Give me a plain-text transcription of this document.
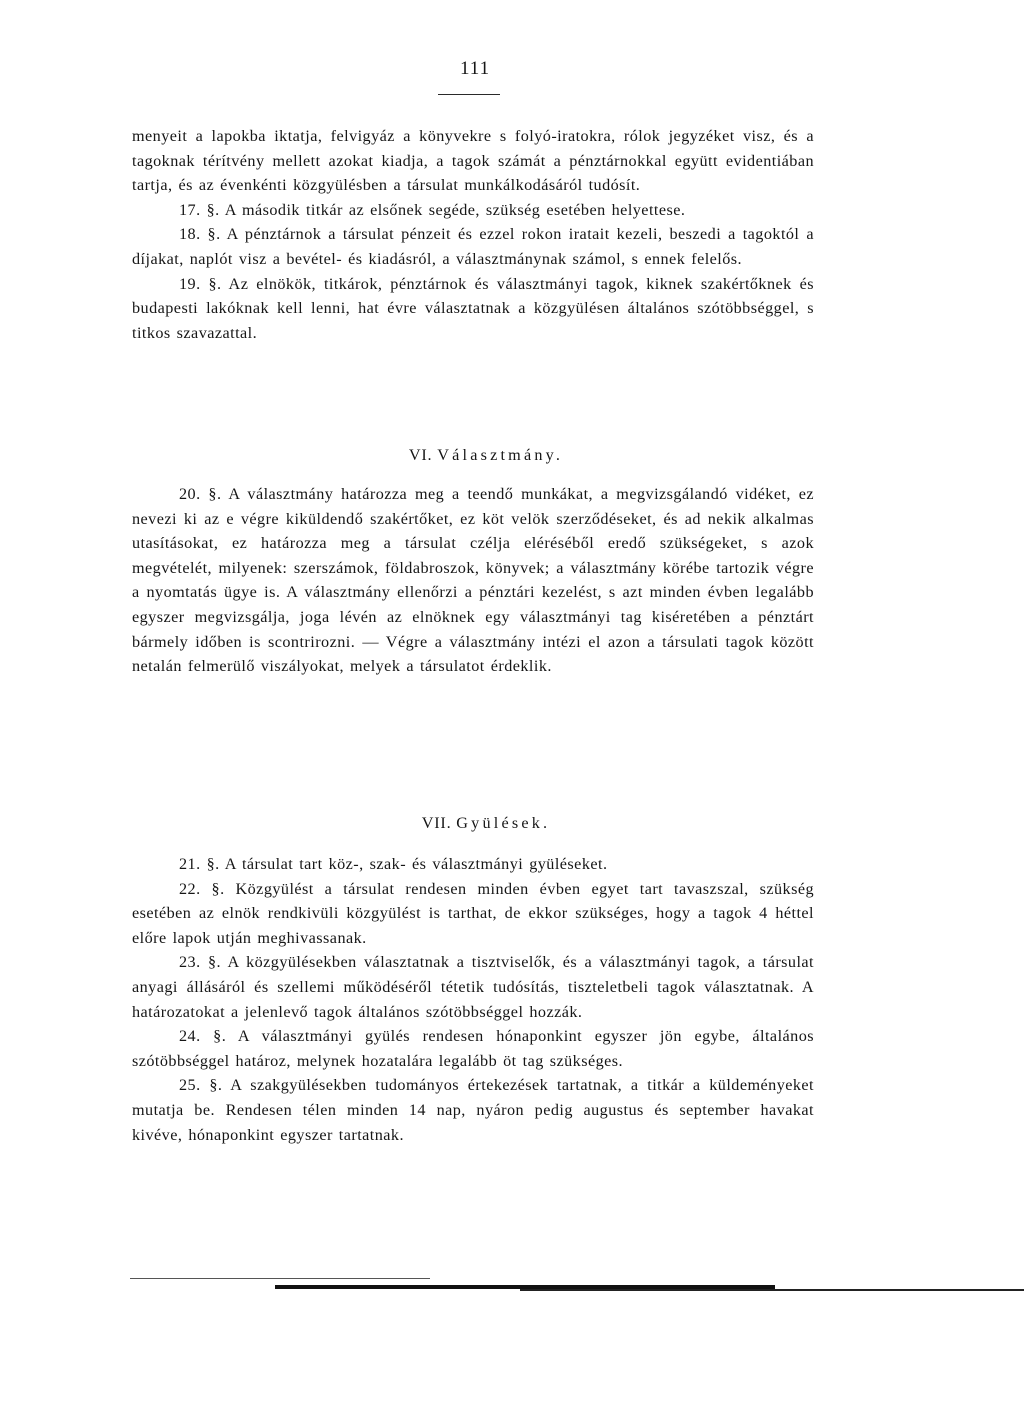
111

menyeit a lapokba iktatja, felvigyáz a könyvekre s folyó-iratokra, rólok jegyzéket visz, és a tagoknak térítvény mellett azokat kiadja, a tagok számát a pénztárnokkal együtt evidentiában tartja, és az évenkénti közgyülésben a társulat munkálkodásáról tudósít.

17. §. A második titkár az elsőnek segéde, szükség esetében helyettese.

18. §. A pénztárnok a társulat pénzeit és ezzel rokon iratait kezeli, beszedi a tagoktól a díjakat, naplót visz a bevétel- és kiadásról, a választmánynak számol, s ennek felelős.

19. §. Az elnökök, titkárok, pénztárnok és választmányi tagok, kiknek szakértőknek és budapesti lakóknak kell lenni, hat évre választatnak a közgyülésen általános szótöbbséggel, s titkos szavazattal.

VI. Választmány.

20. §. A választmány határozza meg a teendő munkákat, a megvizsgálandó vidéket, ez nevezi ki az e végre kiküldendő szakértőket, ez köt velök szerződéseket, és ad nekik alkalmas utasításokat, ez határozza meg a társulat czélja eléréséből eredő szükségeket, s azok megvételét, milyenek: szerszámok, földabroszok, könyvek; a választmány körébe tartozik végre a nyomtatás ügye is. A választmány ellenőrzi a pénztári kezelést, s azt minden évben legalább egyszer megvizsgálja, joga lévén az elnöknek egy választmányi tag kiséretében a pénztárt bármely időben is scontrirozni. — Végre a választmány intézi el azon a társulati tagok között netalán felmerülő viszályokat, melyek a társulatot érdeklik.

VII. Gyülések.

21. §. A társulat tart köz-, szak- és választmányi gyüléseket.

22. §. Közgyülést a társulat rendesen minden évben egyet tart tavaszszal, szükség esetében az elnök rendkivüli közgyülést is tarthat, de ekkor szükséges, hogy a tagok 4 héttel előre lapok utján meghivassanak.

23. §. A közgyülésekben választatnak a tisztviselők, és a választmányi tagok, a társulat anyagi állásáról és szellemi működéséről tétetik tudósítás, tiszteletbeli tagok választatnak. A határozatokat a jelenlevő tagok általános szótöbbséggel hozzák.

24. §. A választmányi gyülés rendesen hónaponkint egyszer jön egybe, általános szótöbbséggel határoz, melynek hozatalára legalább öt tag szükséges.

25. §. A szakgyülésekben tudományos értekezések tartatnak, a titkár a küldeményeket mutatja be. Rendesen télen minden 14 nap, nyáron pedig augustus és september havakat kivéve, hónaponkint egyszer tartatnak.
